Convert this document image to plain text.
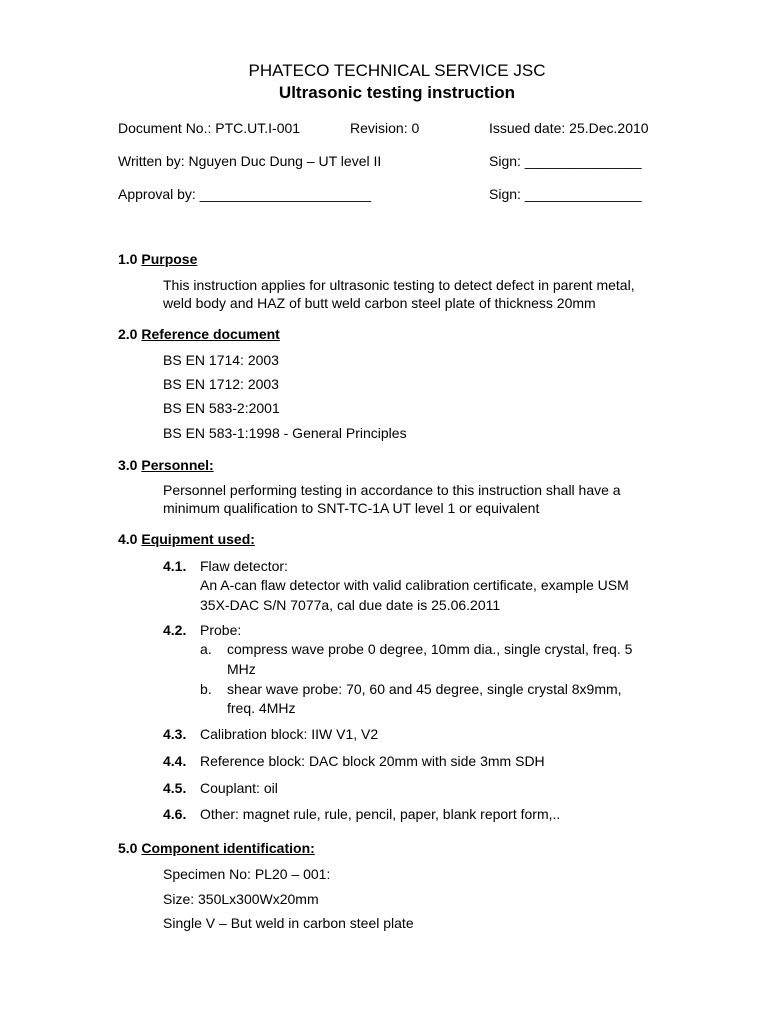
PHATECO TECHNICAL SERVICE JSC
Ultrasonic testing instruction
Document No.: PTC.UT.I-001	Revision: 0	Issued date: 25.Dec.2010
Written by: Nguyen Duc Dung – UT level II	Sign: _______________
Approval by: ______________________	Sign: _______________
1.0 Purpose
This instruction applies for ultrasonic testing to detect defect in parent metal,
weld body and HAZ of butt weld carbon steel plate of thickness 20mm
2.0 Reference document
BS EN 1714: 2003
BS EN 1712: 2003
BS EN 583-2:2001
BS EN 583-1:1998 - General Principles
3.0 Personnel:
Personnel performing testing in accordance to this instruction shall have a
minimum qualification to SNT-TC-1A UT level 1 or equivalent
4.0 Equipment used:
4.1. Flaw detector:
An A-can flaw detector with valid calibration certificate, example USM
35X-DAC S/N 7077a, cal due date is 25.06.2011
4.2. Probe:
a. compress wave probe 0 degree, 10mm dia., single crystal, freq. 5
MHz
b. shear wave probe: 70, 60 and 45 degree, single crystal 8x9mm,
freq. 4MHz
4.3. Calibration block: IIW V1, V2
4.4. Reference block: DAC block 20mm with side 3mm SDH
4.5. Couplant: oil
4.6. Other: magnet rule, rule, pencil, paper, blank report form,..
5.0 Component identification:
Specimen No: PL20 – 001:
Size: 350Lx300Wx20mm
Single V – But weld in carbon steel plate
